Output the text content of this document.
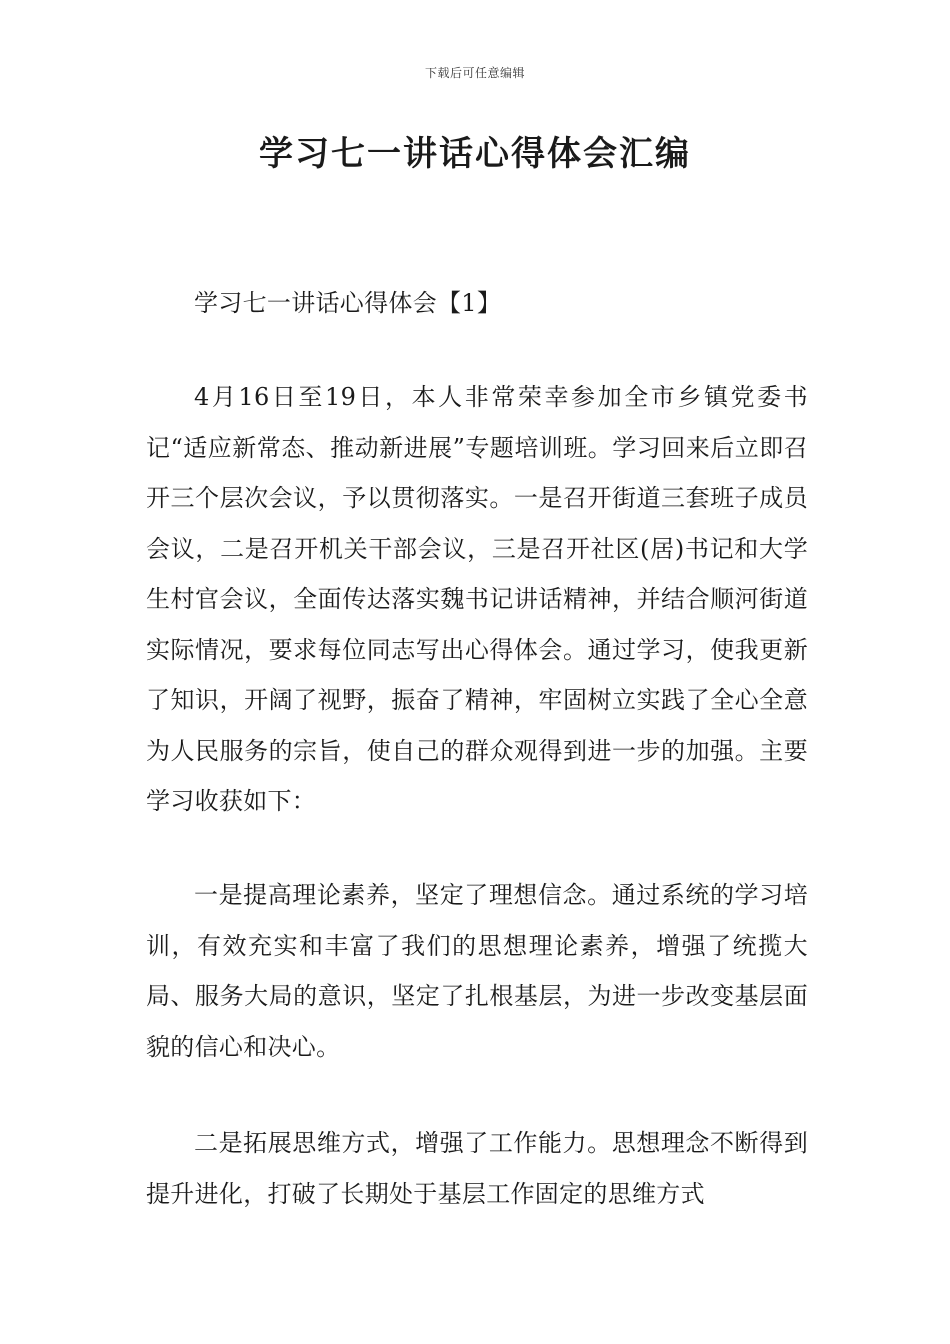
下载后可任意编辑
学习七一讲话心得体会汇编

学习七一讲话心得体会【1】

4月16日至19日，本人非常荣幸参加全市乡镇党委书记“适应新常态、推动新进展”专题培训班。学习回来后立即召开三个层次会议，予以贯彻落实。一是召开街道三套班子成员会议，二是召开机关干部会议，三是召开社区(居)书记和大学生村官会议，全面传达落实魏书记讲话精神，并结合顺河街道实际情况，要求每位同志写出心得体会。通过学习，使我更新了知识，开阔了视野，振奋了精神，牢固树立实践了全心全意为人民服务的宗旨，使自己的群众观得到进一步的加强。主要学习收获如下：

一是提高理论素养，坚定了理想信念。通过系统的学习培训，有效充实和丰富了我们的思想理论素养，增强了统揽大局、服务大局的意识，坚定了扎根基层，为进一步改变基层面貌的信心和决心。

二是拓展思维方式，增强了工作能力。思想理念不断得到提升进化，打破了长期处于基层工作固定的思维方式
